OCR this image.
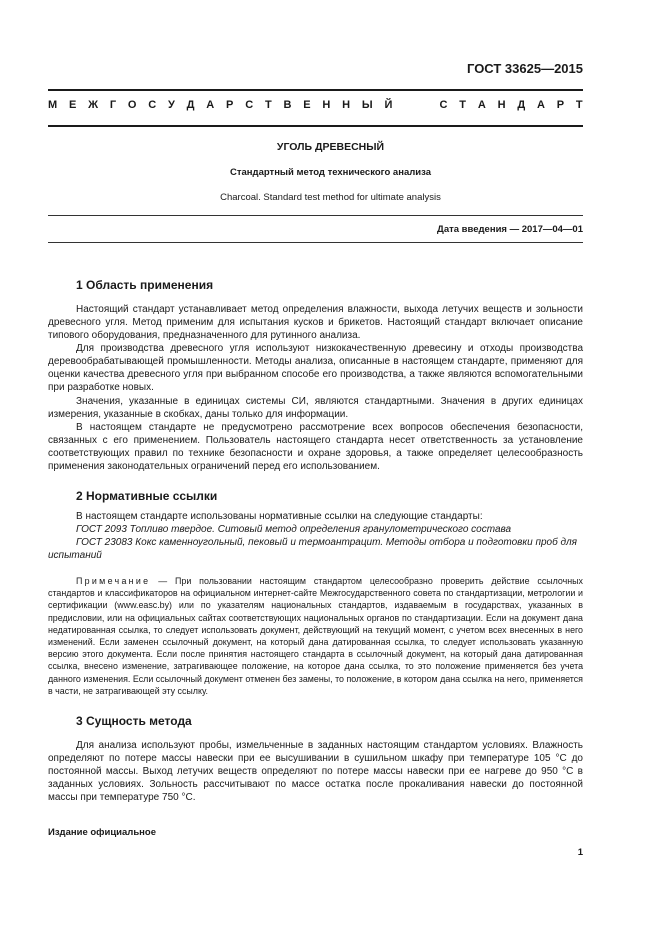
ГОСТ 33625—2015
М Е Ж Г О С У Д А Р С Т В Е Н Н Ы Й	С Т А Н Д А Р Т
УГОЛЬ ДРЕВЕСНЫЙ
Стандартный метод технического анализа
Charcoal. Standard test method for ultimate analysis
Дата введения — 2017—04—01
1 Область применения

Настоящий стандарт устанавливает метод определения влажности, выхода летучих веществ и зольности древесного угля. Метод применим для испытания кусков и брикетов. Настоящий стандарт включает описание типового оборудования, предназначенного для рутинного анализа.

Для производства древесного угля используют низкокачественную древесину и отходы производства деревообрабатывающей промышленности. Методы анализа, описанные в настоящем стандарте, применяют для оценки качества древесного угля при выбранном способе его производства, а также являются вспомогательными при разработке новых.

Значения, указанные в единицах системы СИ, являются стандартными. Значения в других единицах измерения, указанные в скобках, даны только для информации.

В настоящем стандарте не предусмотрено рассмотрение всех вопросов обеспечения безопасности, связанных с его применением. Пользователь настоящего стандарта несет ответственность за установление соответствующих правил по технике безопасности и охране здоровья, а также определяет целесообразность применения законодательных ограничений перед его использованием.

2 Нормативные ссылки

В настоящем стандарте использованы нормативные ссылки на следующие стандарты:

ГОСТ 2093 Топливо твердое. Ситовый метод определения гранулометрического состава

ГОСТ 23083 Кокс каменноугольный, пековый и термоантрацит. Методы отбора и подготовки проб для испытаний

Примечание — При пользовании настоящим стандартом целесообразно проверить действие ссылочных стандартов и классификаторов на официальном интернет-сайте Межгосударственного совета по стандартизации, метрологии и сертификации (www.easc.by) или по указателям национальных стандартов, издаваемым в государствах, указанных в предисловии, или на официальных сайтах соответствующих национальных органов по стандартизации. Если на документ дана недатированная ссылка, то следует использовать документ, действующий на текущий момент, с учетом всех внесенных в него изменений. Если заменен ссылочный документ, на который дана датированная ссылка, то следует использовать указанную версию этого документа. Если после принятия настоящего стандарта в ссылочный документ, на который дана датированная ссылка, внесено изменение, затрагивающее положение, на которое дана ссылка, то это положение применяется без учета данного изменения. Если ссылочный документ отменен без замены, то положение, в котором дана ссылка на него, применяется в части, не затрагивающей эту ссылку.

3 Сущность метода

Для анализа используют пробы, измельченные в заданных настоящим стандартом условиях. Влажность определяют по потере массы навески при ее высушивании в сушильном шкафу при температуре 105 °С до постоянной массы. Выход летучих веществ определяют по потере массы навески при ее нагреве до 950 °С в заданных условиях. Зольность рассчитывают по массе остатка после прокаливания навески до постоянной массы при температуре 750 °С.

Издание официальное
1
